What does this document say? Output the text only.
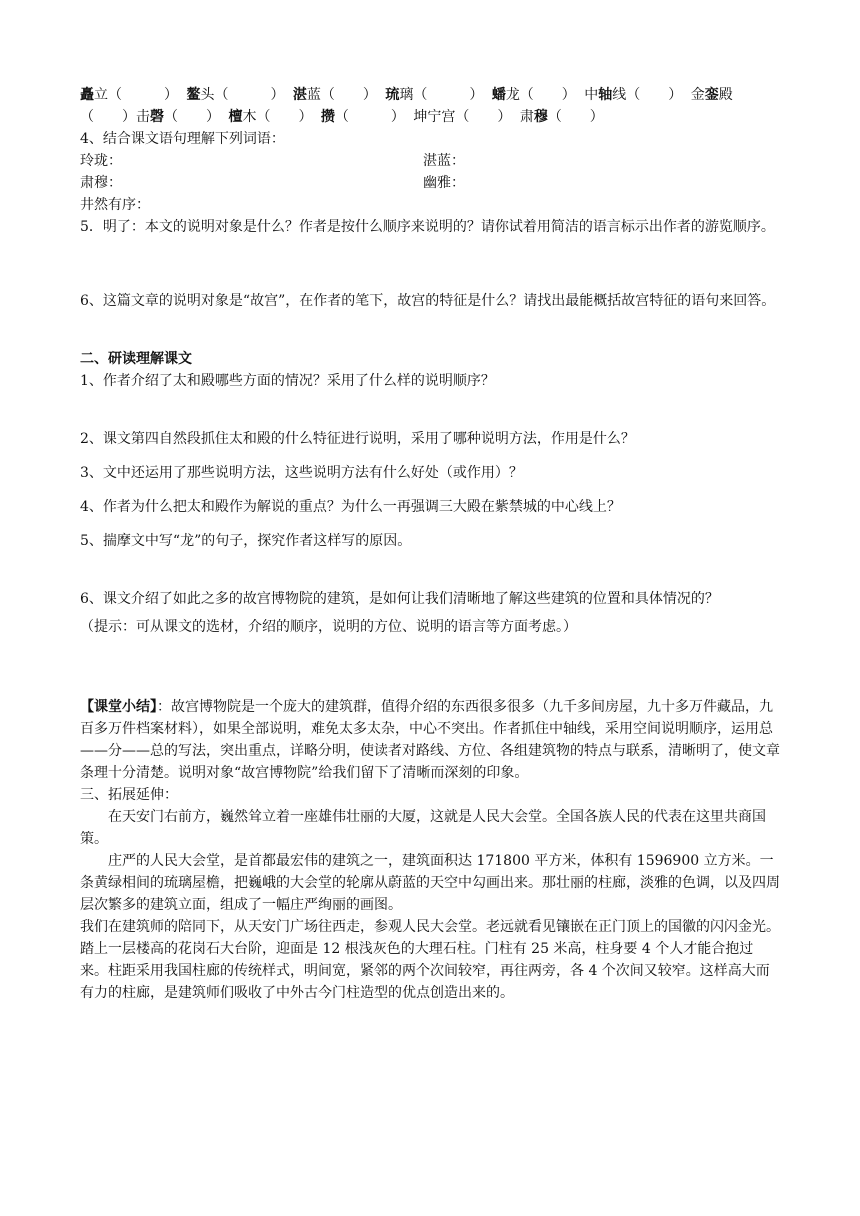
矗立（　　　） 鳌头（　　　） 湛蓝（　　） 琉璃（　　　） 蟠龙（　　） 中轴线（　　） 金銮殿

（　　）击磬（　　） 檀木（　　） 攒（　　　） 坤宁宫（　　） 肃穆（　　）

4、结合课文语句理解下列词语：

玲珑：	湛蓝：
肃穆：	幽雅：

井然有序：

5．明了：本文的说明对象是什么？作者是按什么顺序来说明的？请你试着用简洁的语言标示出作者的游览顺序。

6、这篇文章的说明对象是“故宫”，在作者的笔下，故宫的特征是什么？请找出最能概括故宫特征的语句来回答。

二、研读理解课文

1、作者介绍了太和殿哪些方面的情况？采用了什么样的说明顺序？

2、课文第四自然段抓住太和殿的什么特征进行说明，采用了哪种说明方法，作用是什么？

3、文中还运用了那些说明方法，这些说明方法有什么好处（或作用）？

4、作者为什么把太和殿作为解说的重点？为什么一再强调三大殿在紫禁城的中心线上？

5、揣摩文中写“龙”的句子，探究作者这样写的原因。

6、课文介绍了如此之多的故宫博物院的建筑，是如何让我们清晰地了解这些建筑的位置和具体情况的？

（提示：可从课文的选材，介绍的顺序，说明的方位、说明的语言等方面考虑。）

【课堂小结】：故宫博物院是一个庞大的建筑群，值得介绍的东西很多很多（九千多间房屋，九十多万件藏品，九百多万件档案材料），如果全部说明，难免太多太杂，中心不突出。作者抓住中轴线，采用空间说明顺序，运用总——分——总的写法，突出重点，详略分明，使读者对路线、方位、各组建筑物的特点与联系，清晰明了，使文章条理十分清楚。说明对象“故宫博物院”给我们留下了清晰而深刻的印象。

三、拓展延伸：

在天安门右前方，巍然耸立着一座雄伟壮丽的大厦，这就是人民大会堂。全国各族人民的代表在这里共商国策。

庄严的人民大会堂，是首都最宏伟的建筑之一，建筑面积达 171800 平方米，体积有 1596900 立方米。一条黄绿相间的琉璃屋檐，把巍峨的大会堂的轮廓从蔚蓝的天空中勾画出来。那壮丽的柱廊，淡雅的色调，以及四周层次繁多的建筑立面，组成了一幅庄严绚丽的画图。

我们在建筑师的陪同下，从天安门广场往西走，参观人民大会堂。老远就看见镶嵌在正门顶上的国徽的闪闪金光。踏上一层楼高的花岗石大台阶，迎面是 12 根浅灰色的大理石柱。门柱有 25 米高，柱身要 4 个人才能合抱过来。柱距采用我国柱廊的传统样式，明间宽，紧邻的两个次间较窄，再往两旁，各 4 个次间又较窄。这样高大而有力的柱廊，是建筑师们吸收了中外古今门柱造型的优点创造出来的。
